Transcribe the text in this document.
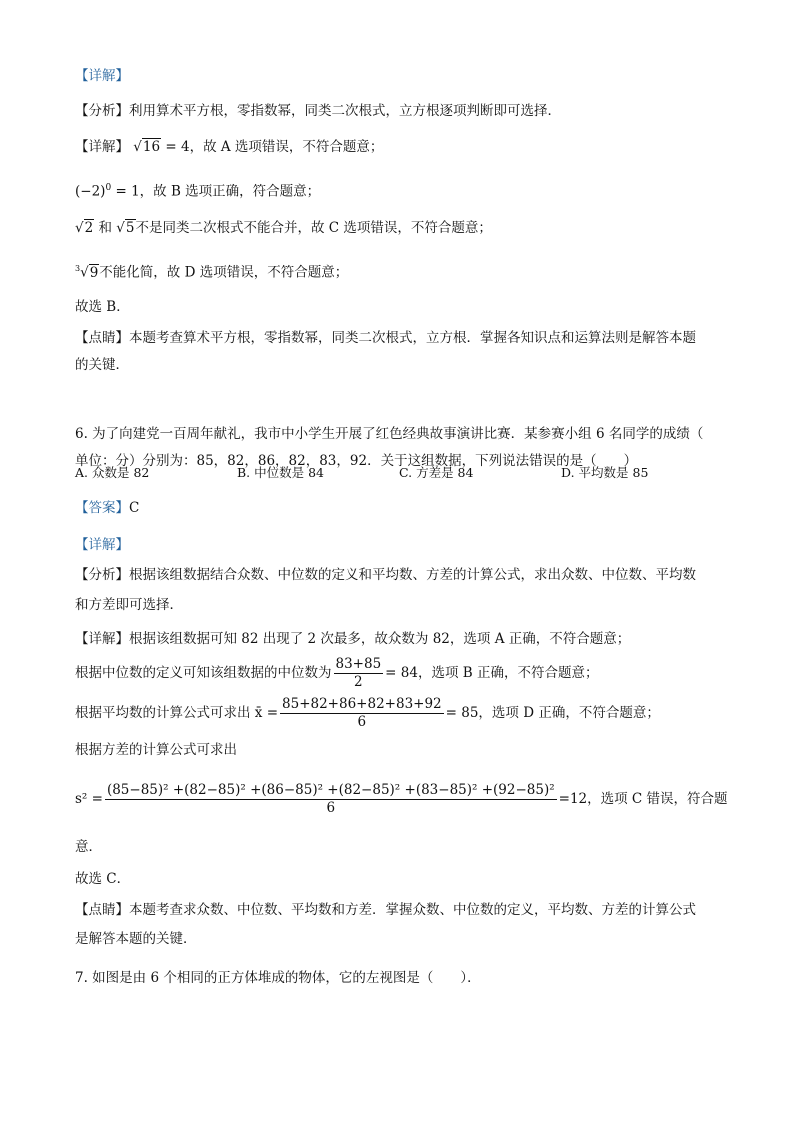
【详解】
【分析】利用算术平方根，零指数幂，同类二次根式，立方根逐项判断即可选择．
【详解】 √16 = 4，故 A 选项错误，不符合题意；
$(-2)^0 = 1$，故 B 选项正确，符合题意；
√2 和 √5不是同类二次根式不能合并，故 C 选项错误，不符合题意；
$^3$√9不能化简，故 D 选项错误，不符合题意；
故选 B．
【点睛】本题考查算术平方根，零指数幂，同类二次根式，立方根．掌握各知识点和运算法则是解答本题
的关键．
6. 为了向建党一百周年献礼，我市中小学生开展了红色经典故事演讲比赛．某参赛小组 6 名同学的成绩（
单位：分）分别为：85，82，86，82，83，92．关于这组数据，下列说法错误的是（　　）
A. 众数是 82	B. 中位数是 84	C. 方差是 84	D. 平均数是 85
【答案】C
【详解】
【分析】根据该组数据结合众数、中位数的定义和平均数、方差的计算公式，求出众数、中位数、平均数
和方差即可选择．
【详解】根据该组数据可知 82 出现了 2 次最多，故众数为 82，选项 A 正确，不符合题意；
根据中位数的定义可知该组数据的中位数为 $\frac{83+85}{2} = 84$，选项 B 正确，不符合题意；
根据平均数的计算公式可求出 x̄ = $\frac{85+82+86+82+83+92}{6} = 85$，选项 D 正确，不符合题意；
根据方差的计算公式可求出
$s^2 = \frac{\text{(85−85)² +(82−85)² +(86−85)² +(82−85)² +(83−85)² +(92−85)²}}{6} =12$，选项 C 错误，符合题
意．
故选 C．
【点睛】本题考查求众数、中位数、平均数和方差．掌握众数、中位数的定义，平均数、方差的计算公式
是解答本题的关键．
7. 如图是由 6 个相同的正方体堆成的物体，它的左视图是（　　）．
